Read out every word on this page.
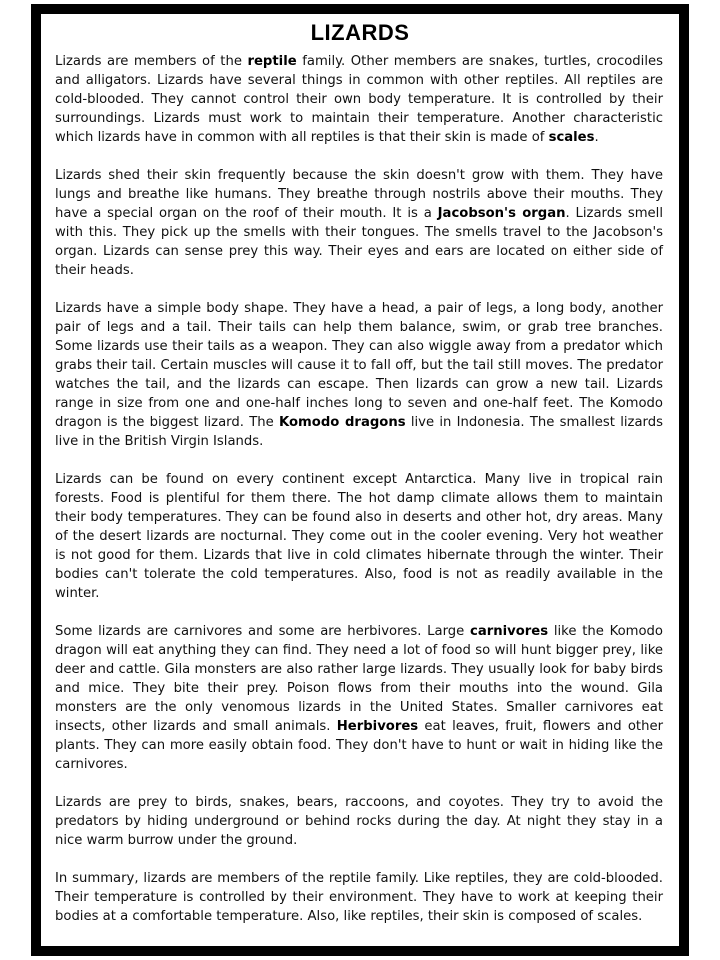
LIZARDS

Lizards are members of the reptile family. Other members are snakes, turtles, crocodiles and alligators. Lizards have several things in common with other reptiles. All reptiles are cold-blooded. They cannot control their own body temperature. It is controlled by their surroundings. Lizards must work to maintain their temperature. Another characteristic which lizards have in common with all reptiles is that their skin is made of scales.

Lizards shed their skin frequently because the skin doesn't grow with them. They have lungs and breathe like humans. They breathe through nostrils above their mouths. They have a special organ on the roof of their mouth. It is a Jacobson's organ. Lizards smell with this. They pick up the smells with their tongues. The smells travel to the Jacobson's organ. Lizards can sense prey this way. Their eyes and ears are located on either side of their heads.

Lizards have a simple body shape. They have a head, a pair of legs, a long body, another pair of legs and a tail. Their tails can help them balance, swim, or grab tree branches. Some lizards use their tails as a weapon. They can also wiggle away from a predator which grabs their tail. Certain muscles will cause it to fall off, but the tail still moves. The predator watches the tail, and the lizards can escape. Then lizards can grow a new tail. Lizards range in size from one and one-half inches long to seven and one-half feet. The Komodo dragon is the biggest lizard. The Komodo dragons live in Indonesia. The smallest lizards live in the British Virgin Islands.

Lizards can be found on every continent except Antarctica. Many live in tropical rain forests. Food is plentiful for them there. The hot damp climate allows them to maintain their body temperatures. They can be found also in deserts and other hot, dry areas. Many of the desert lizards are nocturnal. They come out in the cooler evening. Very hot weather is not good for them. Lizards that live in cold climates hibernate through the winter. Their bodies can't tolerate the cold temperatures. Also, food is not as readily available in the winter.

Some lizards are carnivores and some are herbivores. Large carnivores like the Komodo dragon will eat anything they can find. They need a lot of food so will hunt bigger prey, like deer and cattle. Gila monsters are also rather large lizards. They usually look for baby birds and mice. They bite their prey. Poison flows from their mouths into the wound. Gila monsters are the only venomous lizards in the United States. Smaller carnivores eat insects, other lizards and small animals. Herbivores eat leaves, fruit, flowers and other plants. They can more easily obtain food. They don't have to hunt or wait in hiding like the carnivores.

Lizards are prey to birds, snakes, bears, raccoons, and coyotes. They try to avoid the predators by hiding underground or behind rocks during the day. At night they stay in a nice warm burrow under the ground.

In summary, lizards are members of the reptile family. Like reptiles, they are cold-blooded. Their temperature is controlled by their environment. They have to work at keeping their bodies at a comfortable temperature. Also, like reptiles, their skin is composed of scales.
